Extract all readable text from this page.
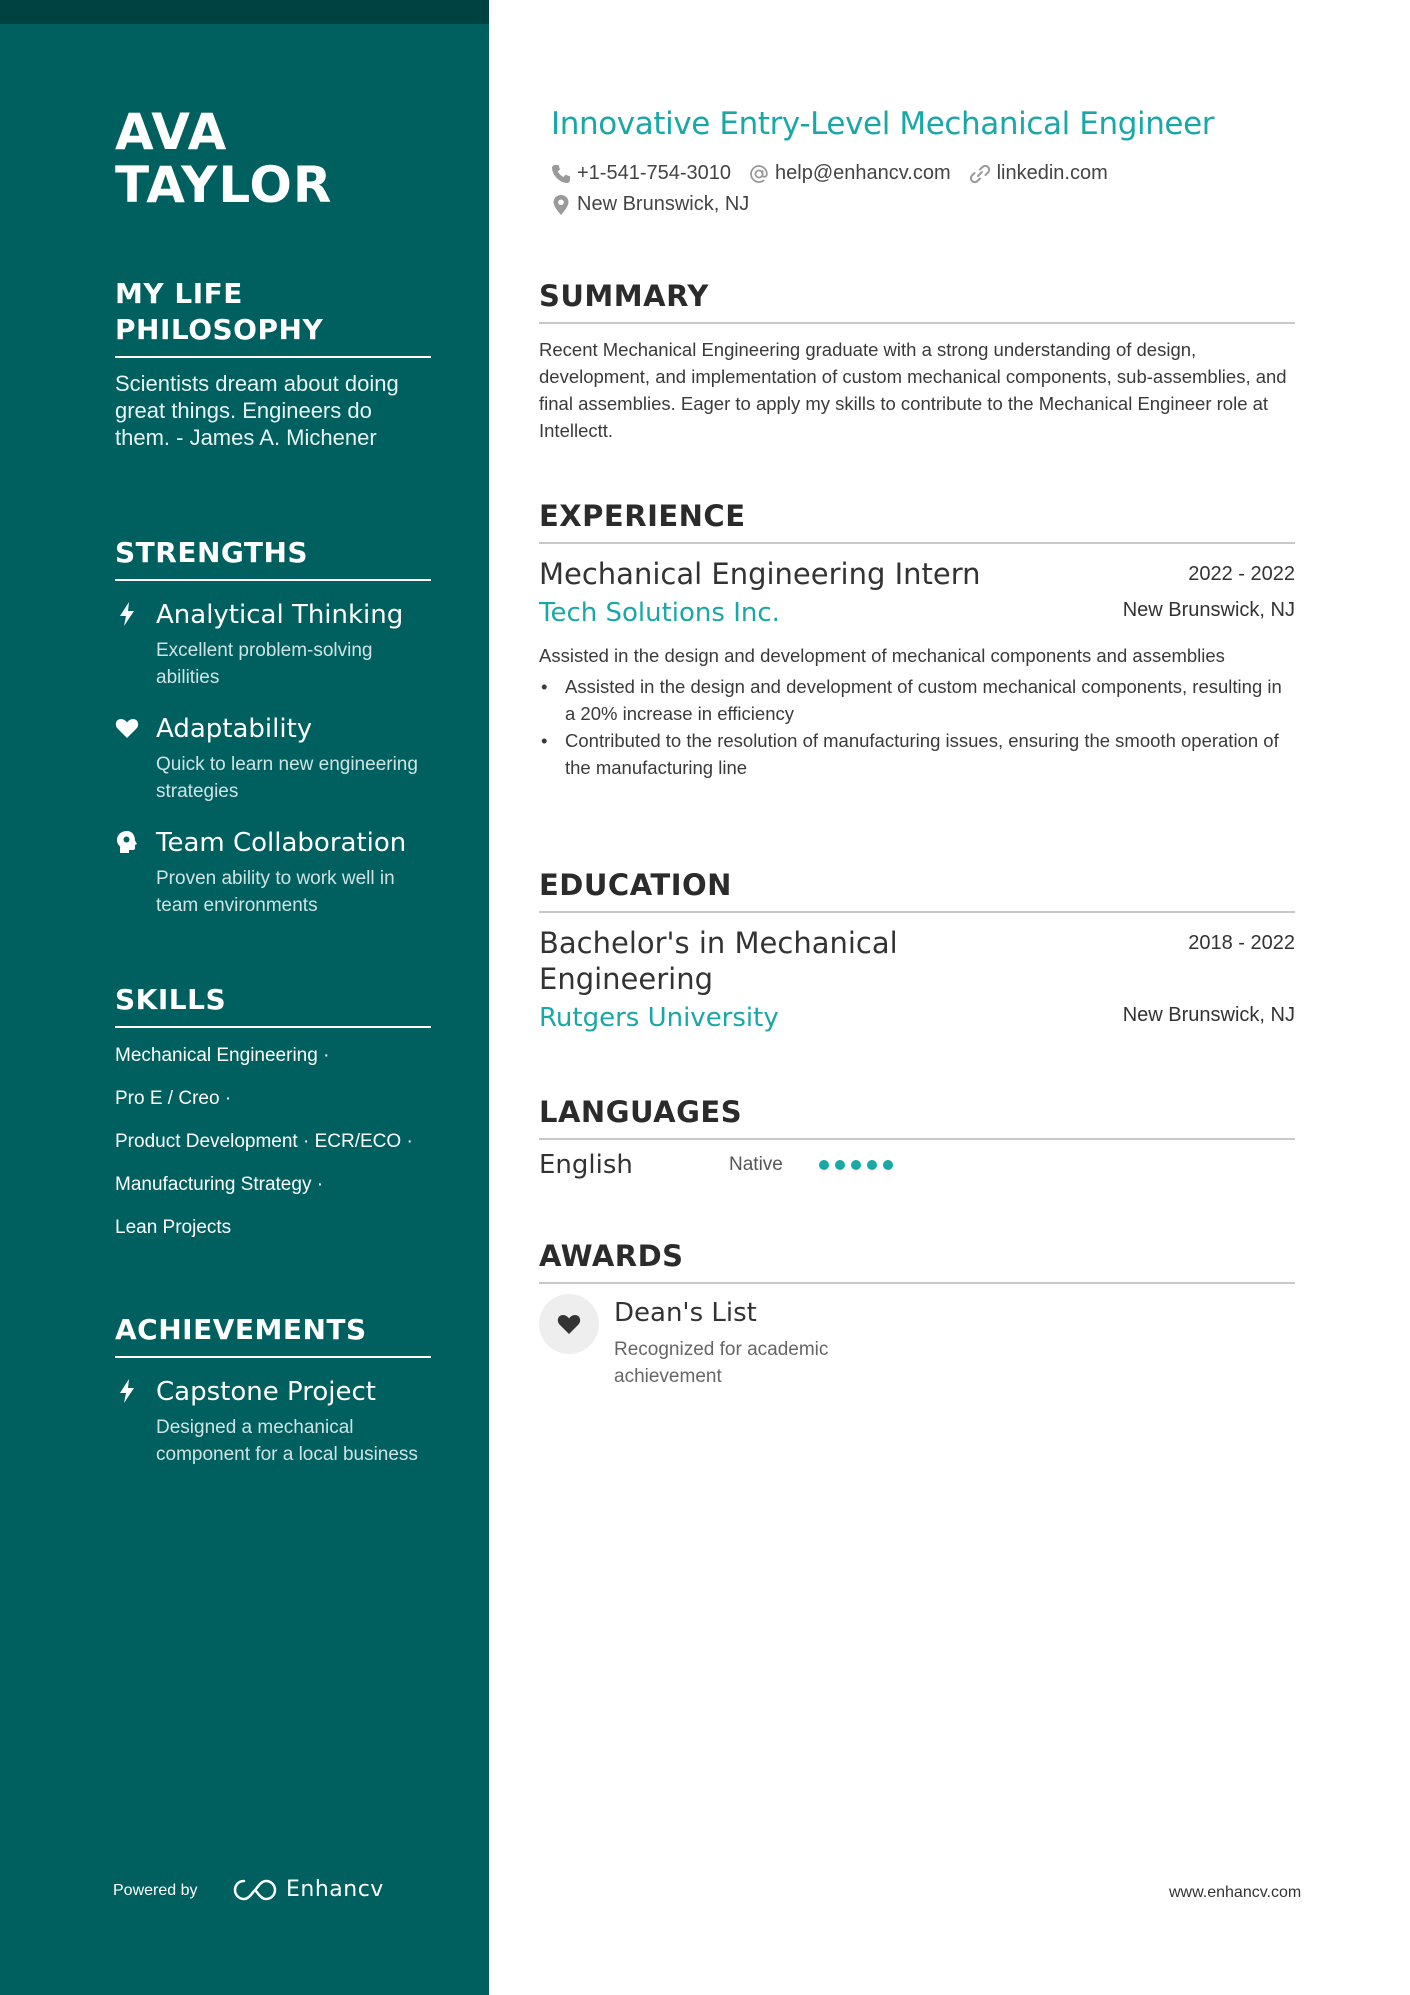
AVA
TAYLOR
MY LIFE PHILOSOPHY

Scientists dream about doing great things. Engineers do them. - James A. Michener

STRENGTHS
Analytical Thinking
Excellent problem-solving abilities
Adaptability
Quick to learn new engineering strategies
Team Collaboration
Proven ability to work well in team environments
SKILLS
Mechanical Engineering ·
Pro E / Creo ·
Product Development · ECR/ECO ·
Manufacturing Strategy ·
Lean Projects
ACHIEVEMENTS
Capstone Project
Designed a mechanical component for a local business
Powered by	Enhancv
Innovative Entry-Level Mechanical Engineer
+1-541-754-3010 help@enhancv.com linkedin.com
New Brunswick, NJ
SUMMARY

Recent Mechanical Engineering graduate with a strong understanding of design, development, and implementation of custom mechanical components, sub-assemblies, and final assemblies. Eager to apply my skills to contribute to the Mechanical Engineer role at Intellectt.

EXPERIENCE
Mechanical Engineering Intern	2022 - 2022
Tech Solutions Inc.	New Brunswick, NJ

Assisted in the design and development of mechanical components and assemblies

• Assisted in the design and development of custom mechanical components, resulting in a 20% increase in efficiency
• Contributed to the resolution of manufacturing issues, ensuring the smooth operation of the manufacturing line
EDUCATION
Bachelor's in Mechanical Engineering
2018 - 2022
Rutgers University	New Brunswick, NJ
LANGUAGES
English	Native
AWARDS
Dean's List
Recognized for academic achievement
www.enhancv.com
